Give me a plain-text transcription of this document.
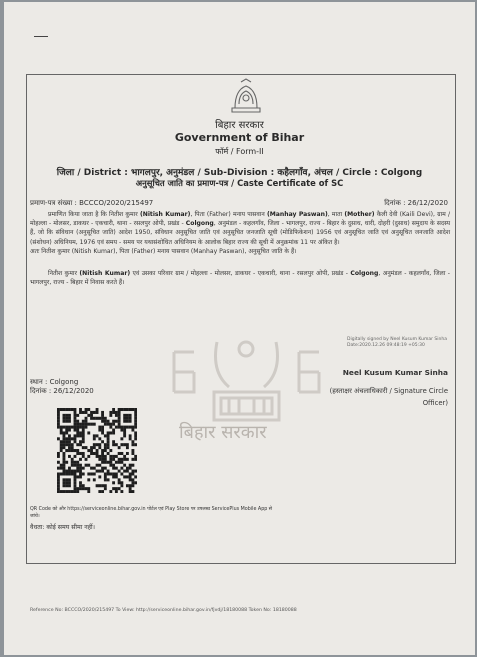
बिहार सरकार
Government of Bihar
फॉर्म / Form-II
जिला / District : भागलपुर, अनुमंडल / Sub-Division : कहैलगाँव, अंचल / Circle : Colgong
अनुसूचित जाति का प्रमाण-पत्र / Caste Certificate of SC
प्रमाण-पत्र संख्या : BCCCO/2020/215497	दिनांक : 26/12/2020
प्रमाणित किया जाता है कि नितीश कुमार (Nitish Kumar), पिता (Father) मनाय पासवान (Manhay Paswan), माता (Mother) कैली देवी (Kaili Devi), ग्राम / मोहल्ला - मोलसर, डाकघर - एकचारी, थाना - रसलपुर ओपी, प्रखंड - Colgong, अनुमंडल - कहलगाँव, जिला - भागलपुर, राज्य - बिहार के दुसाध, धारी, दोहरी (दुसाध) समुदाय के सदस्य हैं, जो कि संविधान (अनुसूचित जाति) आदेश 1950, संविधान अनुसूचित जाति एवं अनुसूचित जनजाति सूची (मोडिफिकेशन) 1956 एवं अनुसूचित जाति एवं अनुसूचित जनजाति आदेश (संशोधन) अधिनियम, 1976 एवं समय - समय पर यथासंशोधित अधिनियम के आलोक बिहार राज्य की सूची में अनुक्रमांक 11 पर अंकित है।
अतः नितीश कुमार (Nitish Kumar), पिता (Father) मनाय पासवान (Manhay Paswan), अनुसूचित जाति के हैं।
नितीश कुमार (Nitish Kumar) एवं उसका परिवार ग्राम / मोहल्ला - मोलसर, डाकघर - एकचारी, थाना - रसलपुर ओपी, प्रखंड - Colgong, अनुमंडल - कहलगाँव, जिला - भागलपुर, राज्य - बिहार में निवास करते हैं।
बिहार सरकार
Digitally signed by Neel Kusum Kumar Sinha
Date:2020.12.26 09:48:19 +05:30
Neel Kusum Kumar Sinha
(हस्ताक्षर अंचलाधिकारी / Signature Circle
Officer)
स्थान : Colgong
दिनांक : 26/12/2020
QR Code को और https://serviceonline.bihar.gov.in पोर्टल एवं Play Store पर उपलब्ध ServicePlus Mobile App से जांचे।
वैधता: कोई समय सीमा नहीं।
Reference No: BCCCO/2020/215497 To View: http://serviceonline.bihar.gov.in/fjvdj/18180088 Token No: 18180088
